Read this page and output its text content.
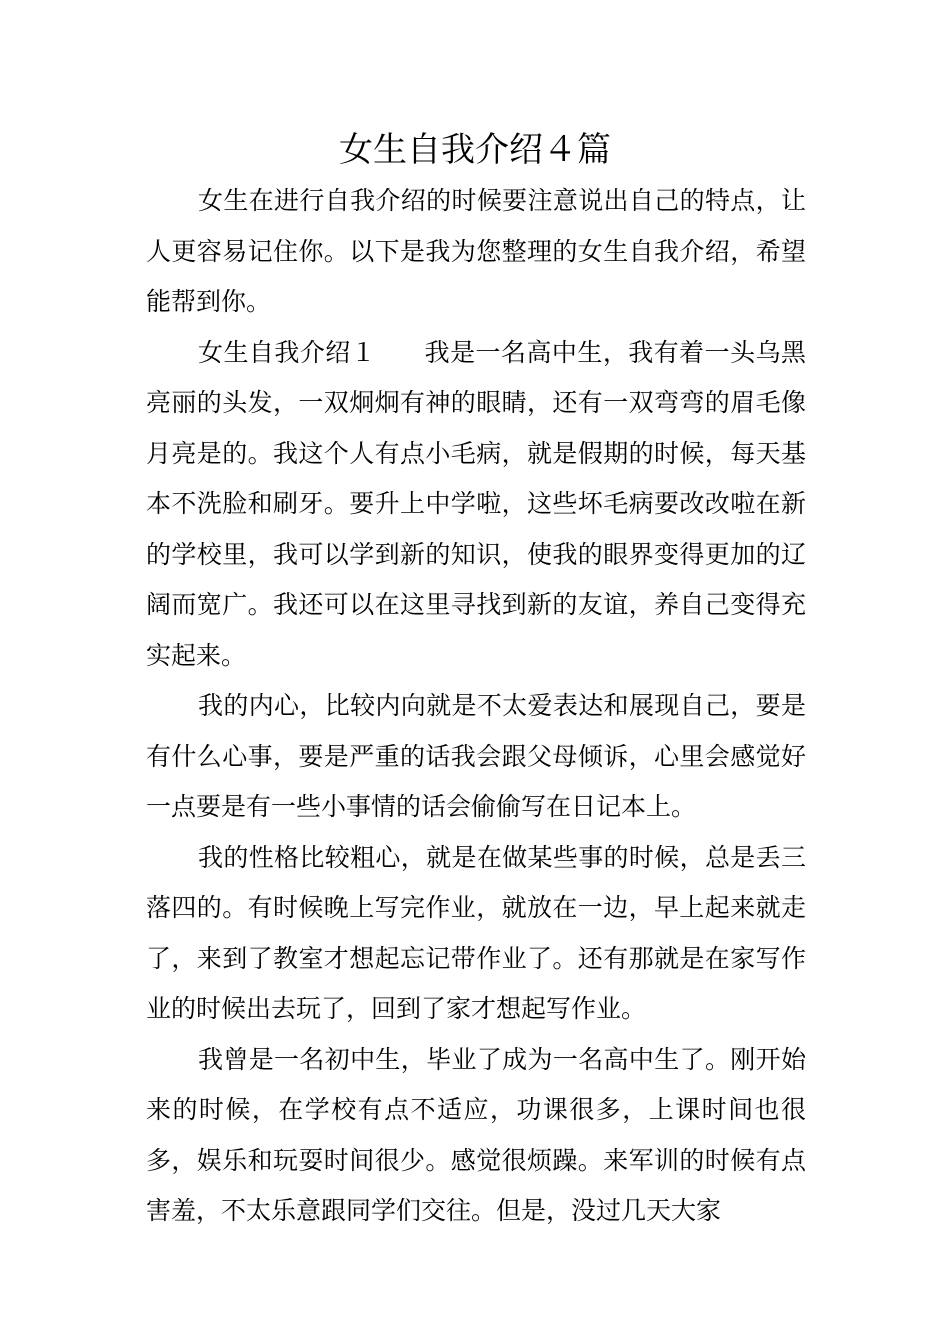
女生自我介绍４篇

女生在进行自我介绍的时候要注意说出自己的特点，让人更容易记住你。以下是我为您整理的女生自我介绍，希望能帮到你。

女生自我介绍１ 我是一名高中生，我有着一头乌黑亮丽的头发，一双炯炯有神的眼睛，还有一双弯弯的眉毛像月亮是的。我这个人有点小毛病，就是假期的时候，每天基本不洗脸和刷牙。要升上中学啦，这些坏毛病要改改啦在新的学校里，我可以学到新的知识，使我的眼界变得更加的辽阔而宽广。我还可以在这里寻找到新的友谊，养自己变得充实起来。

我的内心，比较内向就是不太爱表达和展现自己，要是有什么心事，要是严重的话我会跟父母倾诉，心里会感觉好一点要是有一些小事情的话会偷偷写在日记本上。

我的性格比较粗心，就是在做某些事的时候，总是丢三落四的。有时候晚上写完作业，就放在一边，早上起来就走了，来到了教室才想起忘记带作业了。还有那就是在家写作业的时候出去玩了，回到了家才想起写作业。

我曾是一名初中生，毕业了成为一名高中生了。刚开始来的时候，在学校有点不适应，功课很多，上课时间也很多，娱乐和玩耍时间很少。感觉很烦躁。来军训的时候有点害羞，不太乐意跟同学们交往。但是，没过几天大家
